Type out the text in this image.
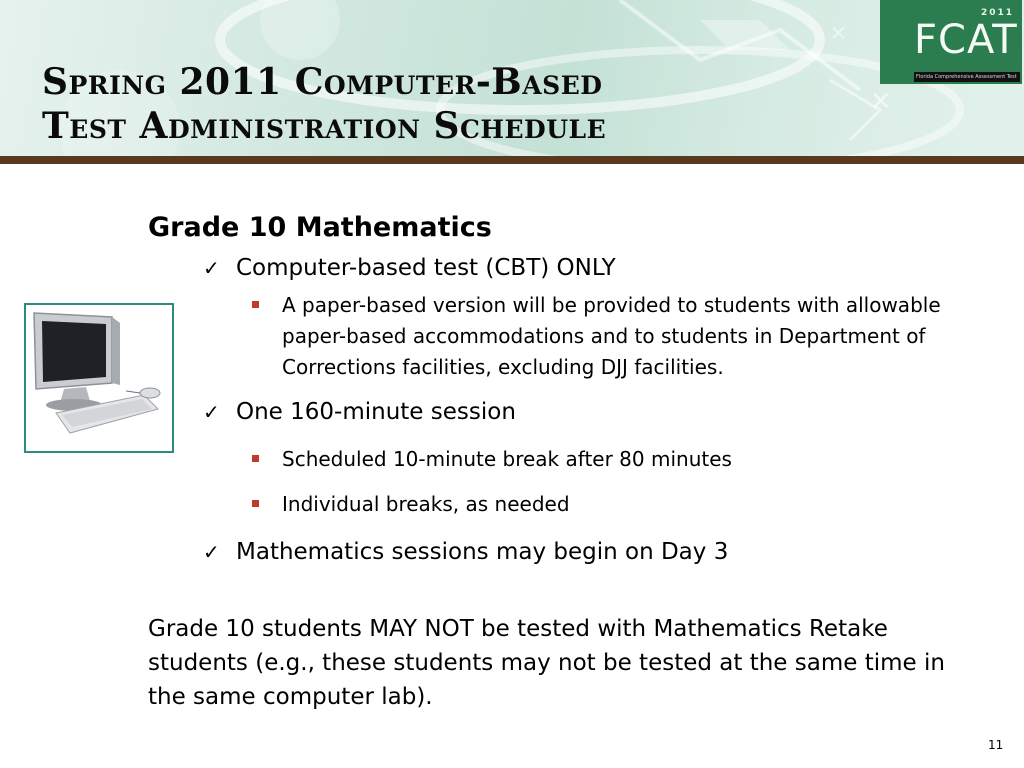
✕
✕
Spring 2011 Computer-Based
Test Administration Schedule
2011
FCAT
Florida Comprehensive Assessment Test
Grade 10 Mathematics
✓ Computer-based test (CBT) ONLY
A paper-based version will be provided to students with allowable paper-based accommodations and to students in Department of Corrections facilities, excluding DJJ facilities.
✓ One 160-minute session
Scheduled 10-minute break after 80 minutes
Individual breaks, as needed
✓ Mathematics sessions may begin on Day 3

Grade 10 students MAY NOT be tested with Mathematics Retake students (e.g., these students may not be tested at the same time in the same computer lab).

11
